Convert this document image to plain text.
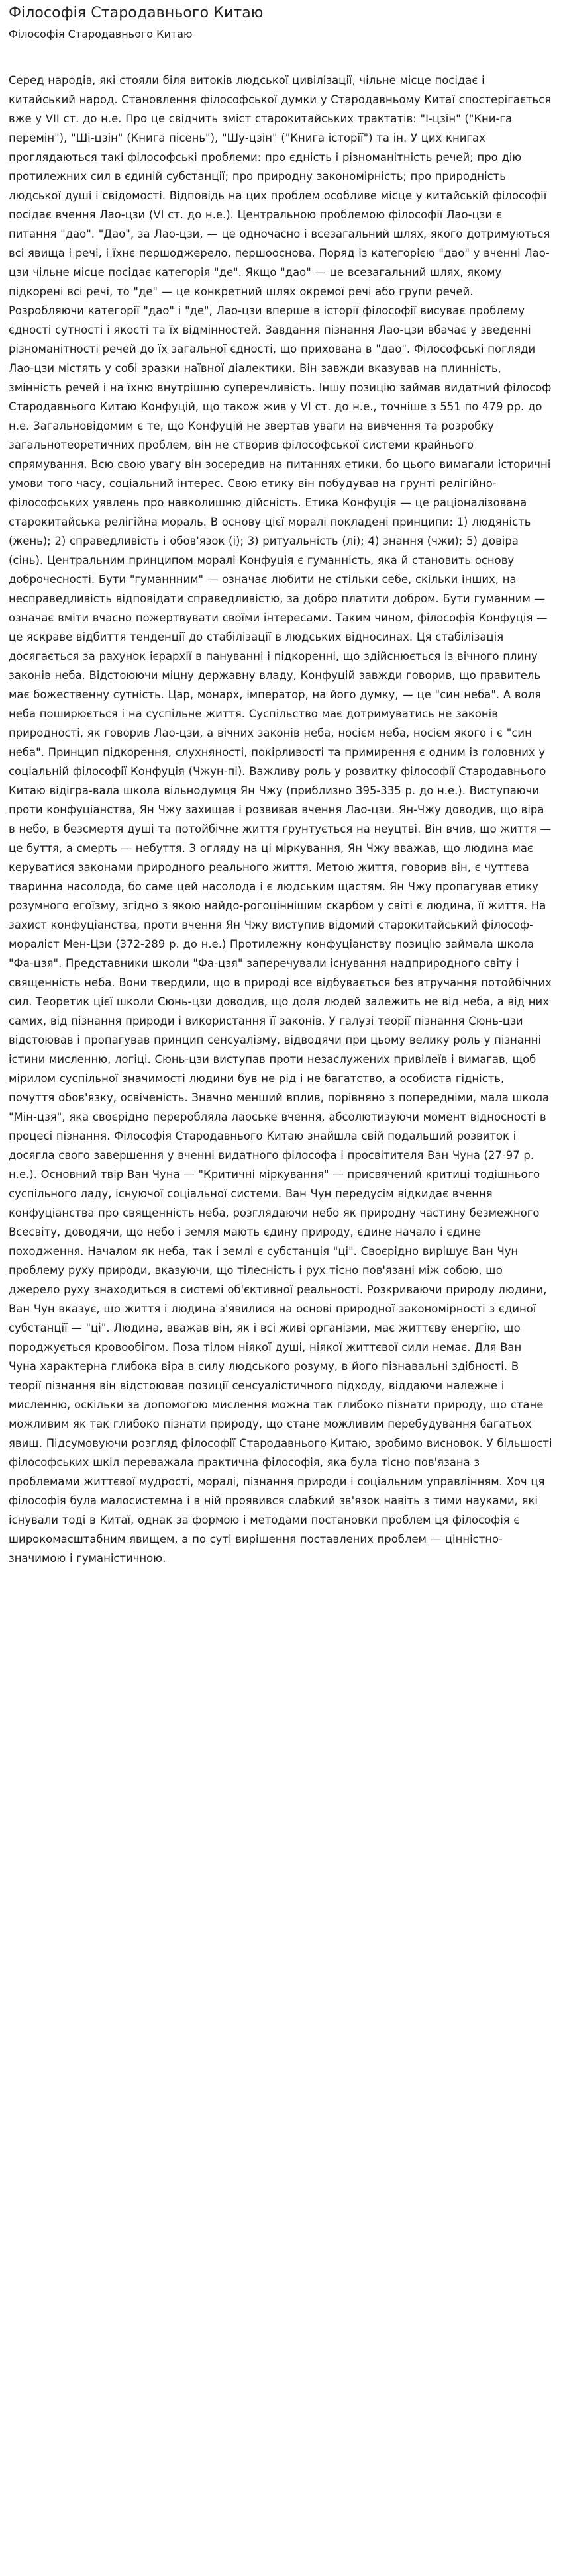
Філософія Стародавнього Китаю
Філософія Стародавнього Китаю

Серед народів, які стояли біля витоків людської цивілізації, чільне місце посідає і китайський народ. Становлення філософської думки у Стародавньому Китаї спостерігається вже у VII ст. до н.е. Про це свідчить зміст старокитайських трактатів: "І-цзін" ("Кни-га перемін"), "Ші-цзін" (Книга пісень"), "Шу-цзін" ("Книга історії") та ін. У цих книгах проглядаються такі філософські проблеми: про єдність і різноманітність речей; про дію протилежних сил в єдиній субстанції; про природну закономірність; про природність людської душі і свідомості. Відповідь на цих проблем особливе місце у китайській філософії посідає вчення Лао-цзи (VI ст. до н.е.). Центральною проблемою філософії Лао-цзи є питання "дао". "Дао", за Лао-цзи, — це одночасно і всезагальний шлях, якого дотримуються всі явища і речі, і їхнє першоджерело, першооснова. Поряд із категорією "дао" у вченні Лао-цзи чільне місце посідає категорія "де". Якщо "дао" — це всезагальний шлях, якому підкорені всі речі, то "де" — це конкретний шлях окремої речі або групи речей. Розробляючи категорії "дао" і "де", Лао-цзи вперше в історії філософії висуває проблему єдності сутності і якості та їх відмінностей. Завдання пізнання Лао-цзи вбачає у зведенні різноманітності речей до їх загальної єдності, що прихована в "дао". Філософські погляди Лао-цзи містять у собі зразки наївної діалектики. Він завжди вказував на плинність, змінність речей і на їхню внутрішню суперечливість. Іншу позицію займав видатний філософ Стародавнього Китаю Конфуцій, що також жив у VI ст. до н.е., точніше з 551 по 479 рр. до н.е. Загальновідомим є те, що Конфуцій не звертав уваги на вивчення та розробку загальнотеоретичних проблем, він не створив філософської системи крайнього спрямування. Всю свою увагу він зосередив на питаннях етики, бо цього вимагали історичні умови того часу, соціальний інтерес. Свою етику він побудував на грунті релігійно-філософських уявлень про навколишню дійсність. Етика Конфуція — це раціоналізована старокитайська релігійна мораль. В основу цієї моралі покладені принципи: 1) людяність (жень); 2) справедливість і обов'язок (і); 3) ритуальність (лі); 4) знання (чжи); 5) довіра (сінь). Центральним принципом моралі Конфуція є гуманність, яка й становить основу доброчесності. Бути "гуманнним" — означає любити не стільки себе, скільки інших, на несправедливість відповідати справедливістю, за добро платити добром. Бути гуманним — означає вміти вчасно пожертвувати своїми інтересами. Таким чином, філософія Конфуція — це яскраве відбиття тенденції до стабілізації в людських відносинах. Ця стабілізація досягається за рахунок ієрархії в пануванні і підкоренні, що здійснюється із вічного плину законів неба. Відстоюючи міцну державну владу, Конфуцій завжди говорив, що правитель має божественну сутність. Цар, монарх, імператор, на його думку, — це "син неба". А воля неба поширюється і на суспільне життя. Суспільство має дотримуватись не законів природності, як говорив Лао-цзи, а вічних законів неба, носієм неба, носієм якого і є "син неба". Принцип підкорення, слухняності, покірливості та примирення є одним із головних у соціальній філософії Конфуція (Чжун-пі). Важливу роль у розвитку філософії Стародавнього Китаю відігра-вала школа вільнодумця Ян Чжу (приблизно 395-335 р. до н.е.). Виступаючи проти конфуціанства, Ян Чжу захищав і розвивав вчення Лао-цзи. Ян-Чжу доводив, що віра в небо, в безсмертя душі та потойбічне життя ґрунтується на неуцтві. Він вчив, що життя — це буття, а смерть — небуття. З огляду на ці міркування, Ян Чжу вважав, що людина має керуватися законами природного реального життя. Метою життя, говорив він, є чуттєва тваринна насолода, бо саме цей насолода і є людським щастям. Ян Чжу пропагував етику розумного егоїзму, згідно з якою найдо-рогоціннішим скарбом у світі є людина, її життя. На захист конфуціанства, проти вчення Ян Чжу виступив відомий старокитайський філософ-мораліст Мен-Цзи (372-289 р. до н.е.) Протилежну конфуціанству позицію займала школа "Фа-цзя". Представники школи "Фа-цзя" заперечували існування надприродного світу і священність неба. Вони твердили, що в природі все відбувається без втручання потойбічних сил. Теоретик цієї школи Сюнь-цзи доводив, що доля людей залежить не від неба, а від них самих, від пізнання природи і використання її законів. У галузі теорії пізнання Сюнь-цзи відстоював і пропагував принцип сенсуалізму, відводячи при цьому велику роль у пізнанні істини мисленню, логіці. Сюнь-цзи виступав проти незаслужених привілеїв і вимагав, щоб мірилом суспільної значимості людини був не рід і не багатство, а особиста гідність, почуття обов'язку, освіченість. Значно менший вплив, порівняно з попередніми, мала школа "Мін-цзя", яка своєрідно переробляла лаоське вчення, абсолютизуючи момент відносності в процесі пізнання. Філософія Стародавнього Китаю знайшла свій подальший розвиток і досягла свого завершення у вченні видатного філософа і просвітителя Ван Чуна (27-97 р. н.е.). Основний твір Ван Чуна — "Критичні міркування" — присвячений критиці тодішнього суспільного ладу, існуючої соціальної системи. Ван Чун передусім відкидає вчення конфуціанства про священність неба, розглядаючи небо як природну частину безмежного Всесвіту, доводячи, що небо і земля мають єдину природу, єдине начало і єдине походження. Началом як неба, так і землі є субстанція "ці". Своєрідно вирішує Ван Чун проблему руху природи, вказуючи, що тілесність і рух тісно пов'язані між собою, що джерело руху знаходиться в системі об'єктивної реальності. Розкриваючи природу людини, Ван Чун вказує, що життя і людина з'явилися на основі природної закономірності з єдиної субстанції — "ці". Людина, вважав він, як і всі живі організми, має життєву енергію, що породжується кровообігом. Поза тілом ніякої душі, ніякої життєвої сили немає. Для Ван Чуна характерна глибока віра в силу людського розуму, в його пізнавальні здібності. В теорії пізнання він відстоював позиції сенсуалістичного підходу, віддаючи належне і мисленню, оскільки за допомогою мислення можна так глибоко пізнати природу, що стане можливим як так глибоко пізнати природу, що стане можливим перебудування багатьох явищ. Підсумовуючи розгляд філософії Стародавнього Китаю, зробимо висновок. У більшості філософських шкіл переважала практична філософія, яка була тісно пов'язана з проблемами життєвої мудрості, моралі, пізнання природи і соціальним управлінням. Хоч ця філософія була малосистемна і в ній проявився слабкий зв'язок навіть з тими науками, які існували тоді в Китаї, однак за формою і методами постановки проблем ця філософія є широкомасштабним явищем, а по суті вирішення поставлених проблем — цінністно-значимою і гуманістичною.
